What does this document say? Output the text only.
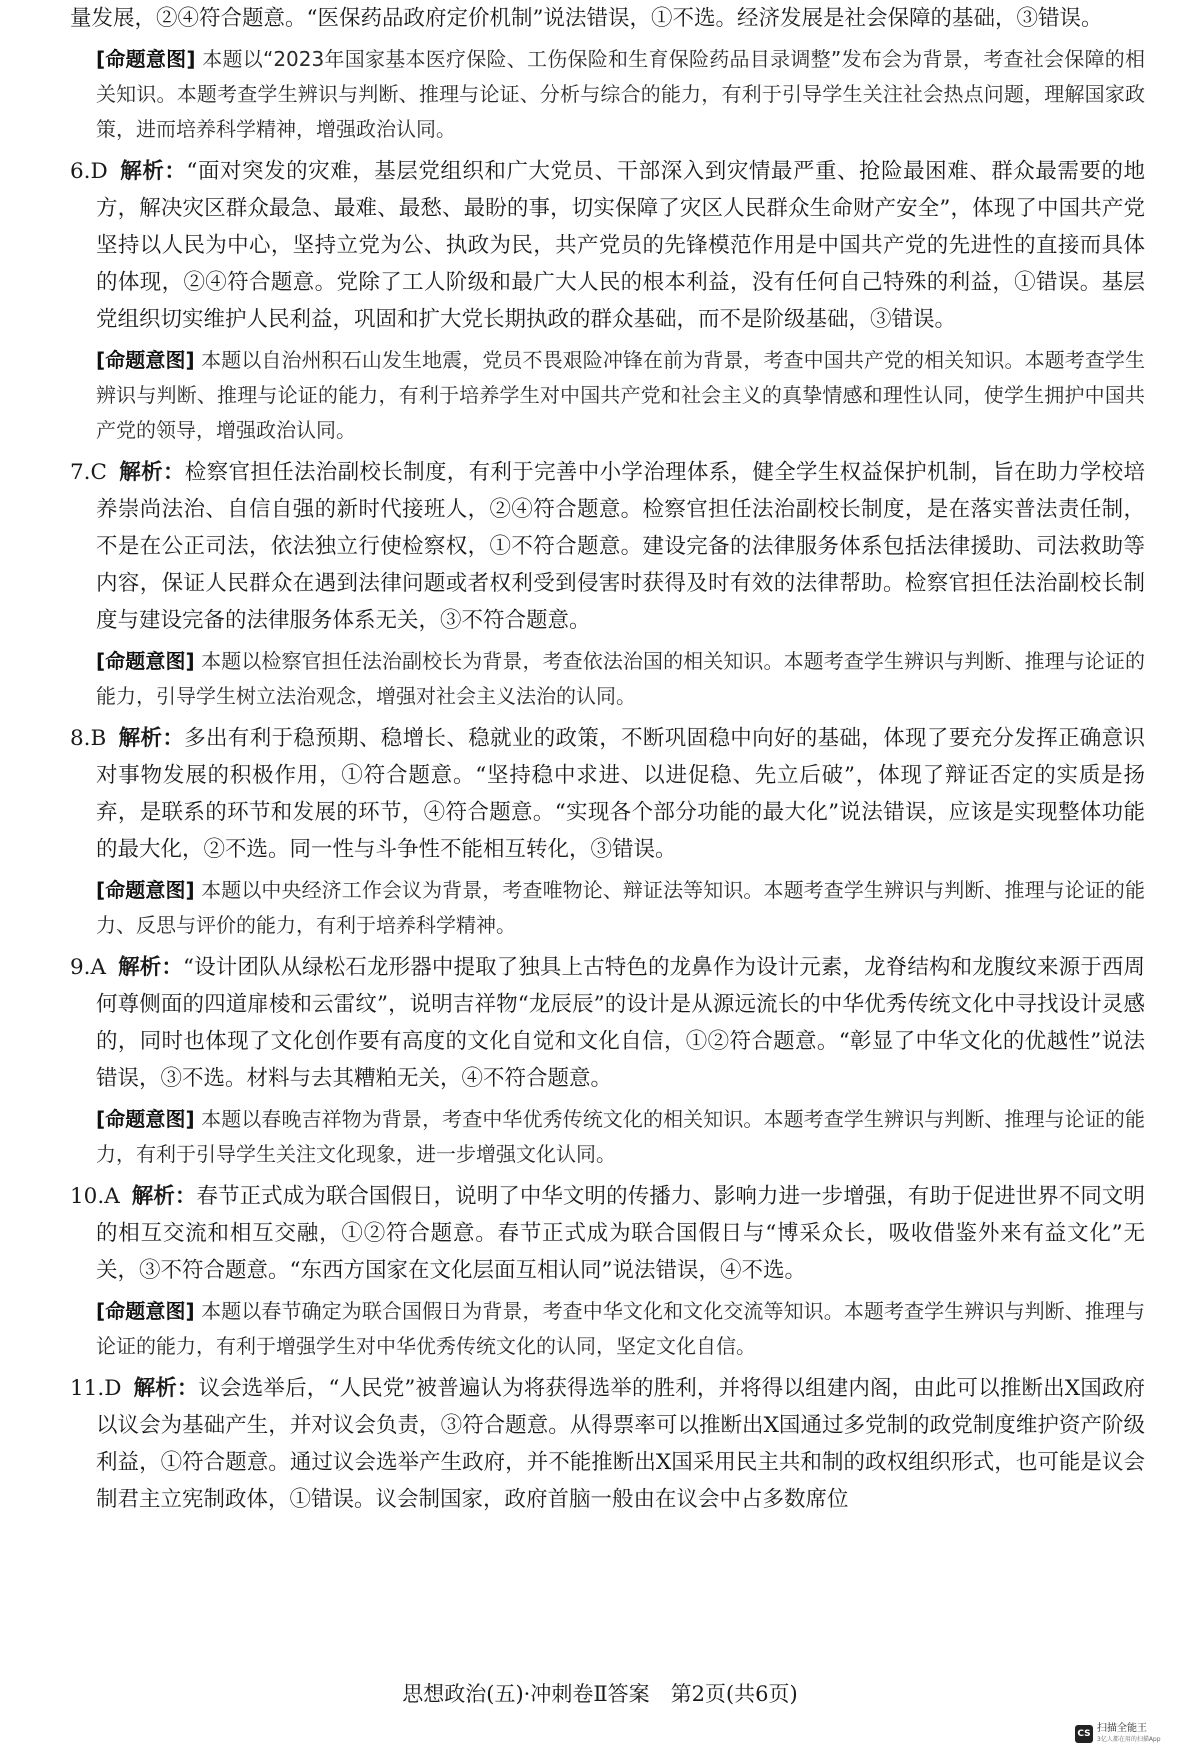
量发展，②④符合题意。“医保药品政府定价机制”说法错误，①不选。经济发展是社会保障的基础，③错误。

[命题意图] 本题以“2023年国家基本医疗保险、工伤保险和生育保险药品目录调整”发布会为背景，考查社会保障的相关知识。本题考查学生辨识与判断、推理与论证、分析与综合的能力，有利于引导学生关注社会热点问题，理解国家政策，进而培养科学精神，增强政治认同。

6.D 解析：“面对突发的灾难，基层党组织和广大党员、干部深入到灾情最严重、抢险最困难、群众最需要的地方，解决灾区群众最急、最难、最愁、最盼的事，切实保障了灾区人民群众生命财产安全”，体现了中国共产党坚持以人民为中心，坚持立党为公、执政为民，共产党员的先锋模范作用是中国共产党的先进性的直接而具体的体现，②④符合题意。党除了工人阶级和最广大人民的根本利益，没有任何自己特殊的利益，①错误。基层党组织切实维护人民利益，巩固和扩大党长期执政的群众基础，而不是阶级基础，③错误。

[命题意图] 本题以自治州积石山发生地震，党员不畏艰险冲锋在前为背景，考查中国共产党的相关知识。本题考查学生辨识与判断、推理与论证的能力，有利于培养学生对中国共产党和社会主义的真挚情感和理性认同，使学生拥护中国共产党的领导，增强政治认同。

7.C 解析：检察官担任法治副校长制度，有利于完善中小学治理体系，健全学生权益保护机制，旨在助力学校培养崇尚法治、自信自强的新时代接班人，②④符合题意。检察官担任法治副校长制度，是在落实普法责任制，不是在公正司法，依法独立行使检察权，①不符合题意。建设完备的法律服务体系包括法律援助、司法救助等内容，保证人民群众在遇到法律问题或者权利受到侵害时获得及时有效的法律帮助。检察官担任法治副校长制度与建设完备的法律服务体系无关，③不符合题意。

[命题意图] 本题以检察官担任法治副校长为背景，考查依法治国的相关知识。本题考查学生辨识与判断、推理与论证的能力，引导学生树立法治观念，增强对社会主义法治的认同。

8.B 解析：多出有利于稳预期、稳增长、稳就业的政策，不断巩固稳中向好的基础，体现了要充分发挥正确意识对事物发展的积极作用，①符合题意。“坚持稳中求进、以进促稳、先立后破”，体现了辩证否定的实质是扬弃，是联系的环节和发展的环节，④符合题意。“实现各个部分功能的最大化”说法错误，应该是实现整体功能的最大化，②不选。同一性与斗争性不能相互转化，③错误。

[命题意图] 本题以中央经济工作会议为背景，考查唯物论、辩证法等知识。本题考查学生辨识与判断、推理与论证的能力、反思与评价的能力，有利于培养科学精神。

9.A 解析：“设计团队从绿松石龙形器中提取了独具上古特色的龙鼻作为设计元素，龙脊结构和龙腹纹来源于西周何尊侧面的四道扉棱和云雷纹”，说明吉祥物“龙辰辰”的设计是从源远流长的中华优秀传统文化中寻找设计灵感的，同时也体现了文化创作要有高度的文化自觉和文化自信，①②符合题意。“彰显了中华文化的优越性”说法错误，③不选。材料与去其糟粕无关，④不符合题意。

[命题意图] 本题以春晚吉祥物为背景，考查中华优秀传统文化的相关知识。本题考查学生辨识与判断、推理与论证的能力，有利于引导学生关注文化现象，进一步增强文化认同。

10.A 解析：春节正式成为联合国假日，说明了中华文明的传播力、影响力进一步增强，有助于促进世界不同文明的相互交流和相互交融，①②符合题意。春节正式成为联合国假日与“博采众长，吸收借鉴外来有益文化”无关，③不符合题意。“东西方国家在文化层面互相认同”说法错误，④不选。

[命题意图] 本题以春节确定为联合国假日为背景，考查中华文化和文化交流等知识。本题考查学生辨识与判断、推理与论证的能力，有利于增强学生对中华优秀传统文化的认同，坚定文化自信。

11.D 解析：议会选举后，“人民党”被普遍认为将获得选举的胜利，并将得以组建内阁，由此可以推断出X国政府以议会为基础产生，并对议会负责，③符合题意。从得票率可以推断出X国通过多党制的政党制度维护资产阶级利益，①符合题意。通过议会选举产生政府，并不能推断出X国采用民主共和制的政权组织形式，也可能是议会制君主立宪制政体，①错误。议会制国家，政府首脑一般由在议会中占多数席位

思想政治(五)·冲刺卷Ⅱ答案　第2页(共6页)
CS 扫描全能王
3亿人都在用的扫描App
